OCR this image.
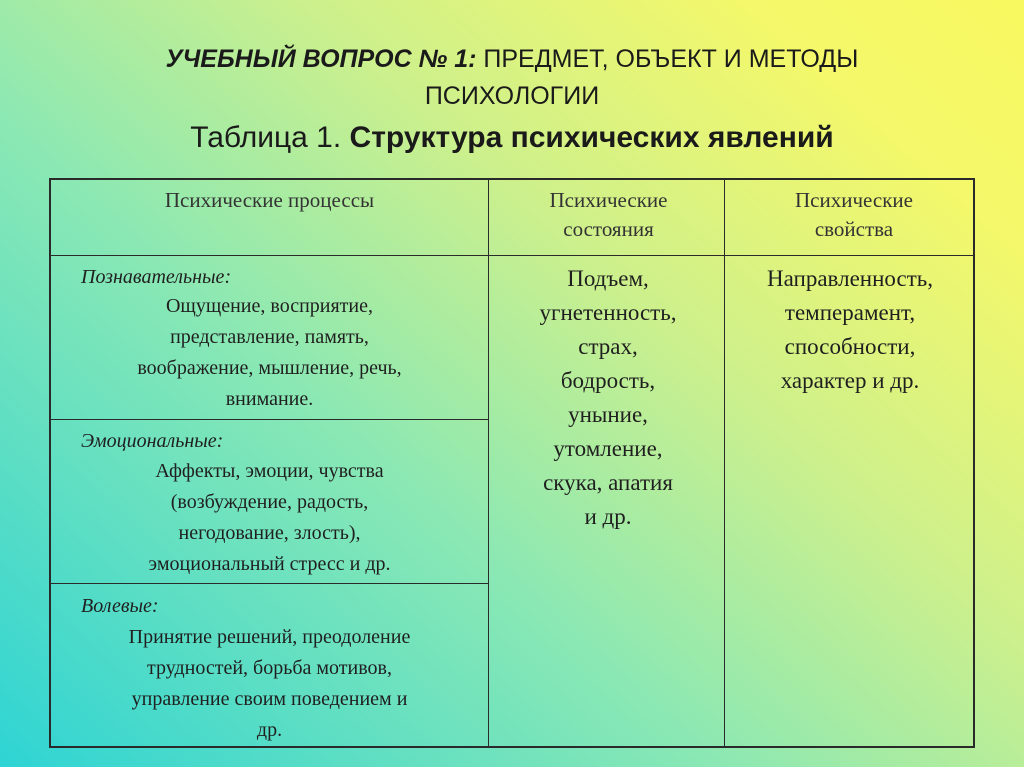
УЧЕБНЫЙ ВОПРОС № 1: ПРЕДМЕТ, ОБЪЕКТ И МЕТОДЫ
ПСИХОЛОГИИ
Таблица 1. Структура психических явлений
Психические процессы	Психические состояния
Психические свойства
Познавательные:
Ощущение, восприятие,
представление, память,
воображение, мышление, речь,
внимание.
Эмоциональные:
Аффекты, эмоции, чувства
(возбуждение, радость,
негодование, злость),
эмоциональный стресс и др.
Волевые:
Принятие решений, преодоление
трудностей, борьба мотивов,
управление своим поведением и
др.
Подъем,
угнетенность,
страх,
бодрость,
уныние,
утомление,
скука, апатия
и др.
Направленность,
темперамент,
способности,
характер и др.
